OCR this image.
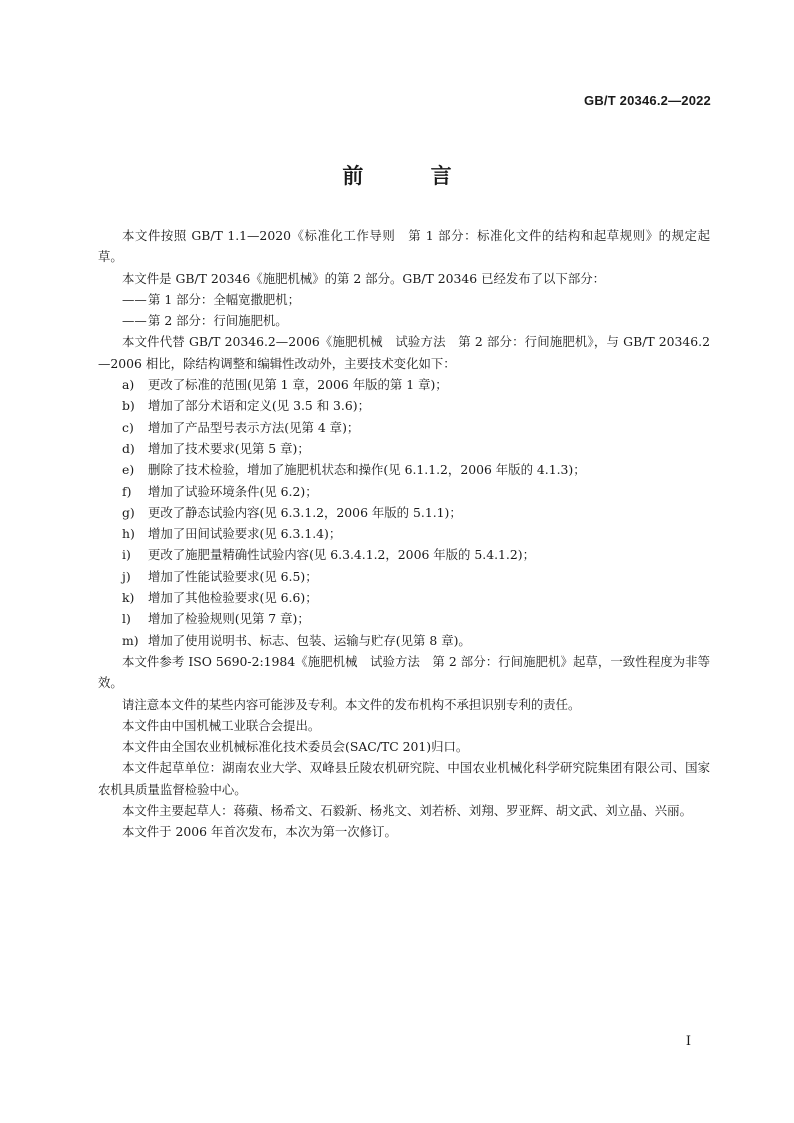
GB/T 20346.2—2022
前 言

本文件按照 GB/T 1.1—2020《标准化工作导则　第 1 部分：标准化文件的结构和起草规则》的规定起草。

本文件是 GB/T 20346《施肥机械》的第 2 部分。GB/T 20346 已经发布了以下部分：

——第 1 部分：全幅宽撒肥机；

——第 2 部分：行间施肥机。

本文件代替 GB/T 20346.2—2006《施肥机械　试验方法　第 2 部分：行间施肥机》，与 GB/T 20346.2—2006 相比，除结构调整和编辑性改动外，主要技术变化如下：

a)	更改了标准的范围(见第 1 章，2006 年版的第 1 章)；
b)	增加了部分术语和定义(见 3.5 和 3.6)；
c)	增加了产品型号表示方法(见第 4 章)；
d)	增加了技术要求(见第 5 章)；
e)	删除了技术检验，增加了施肥机状态和操作(见 6.1.1.2，2006 年版的 4.1.3)；
f)	增加了试验环境条件(见 6.2)；
g)	更改了静态试验内容(见 6.3.1.2，2006 年版的 5.1.1)；
h)	增加了田间试验要求(见 6.3.1.4)；
i)	更改了施肥量精确性试验内容(见 6.3.4.1.2，2006 年版的 5.4.1.2)；
j)	增加了性能试验要求(见 6.5)；
k)	增加了其他检验要求(见 6.6)；
l)	增加了检验规则(见第 7 章)；
m) 增加了使用说明书、标志、包装、运输与贮存(见第 8 章)。

本文件参考 ISO 5690-2:1984《施肥机械　试验方法　第 2 部分：行间施肥机》起草，一致性程度为非等效。

请注意本文件的某些内容可能涉及专利。本文件的发布机构不承担识别专利的责任。

本文件由中国机械工业联合会提出。

本文件由全国农业机械标准化技术委员会(SAC/TC 201)归口。

本文件起草单位：湖南农业大学、双峰县丘陵农机研究院、中国农业机械化科学研究院集团有限公司、国家农机具质量监督检验中心。

本文件主要起草人：蒋蘋、杨希文、石毅新、杨兆文、刘若桥、刘翔、罗亚辉、胡文武、刘立晶、兴丽。

本文件于 2006 年首次发布，本次为第一次修订。

I
